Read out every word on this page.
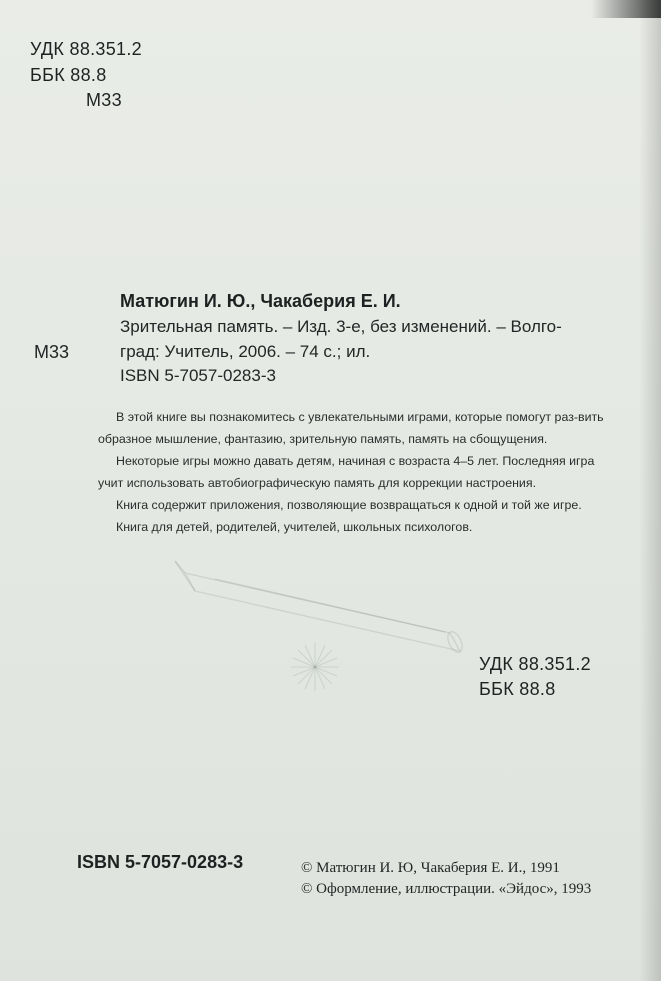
УДК 88.351.2
ББК 88.8
М33
Матюгин И. Ю., Чакаберия Е. И.
Зрительная память. – Изд. 3-е, без изменений. – Волго-
М33	град: Учитель, 2006. – 74 с.; ил.
ISBN 5-7057-0283-3

В этой книге вы познакомитесь с увлекательными играми, которые помогут раз-вить образное мышление, фантазию, зрительную память, память на сбощущения.

Некоторые игры можно давать детям, начиная с возраста 4–5 лет. Последняя игра учит использовать автобиографическую память для коррекции настроения.

Книга содержит приложения, позволяющие возвращаться к одной и той же игре.

Книга для детей, родителей, учителей, школьных психологов.

УДК 88.351.2
ББК 88.8
ISBN 5-7057-0283-3	© Матюгин И. Ю, Чакаберия Е. И., 1991
© Оформление, иллюстрации. «Эйдос», 1993
